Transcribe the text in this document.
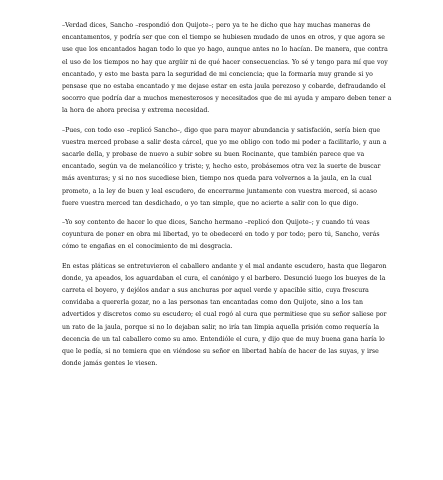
–Verdad dices, Sancho –respondió don Quijote–; pero ya te he dicho que hay muchas maneras de encantamentos, y podría ser que con el tiempo se hubiesen mudado de unos en otros, y que agora se use que los encantados hagan todo lo que yo hago, aunque antes no lo hacían. De manera, que contra el uso de los tiempos no hay que argüir ni de qué hacer consecuencias. Yo sé y tengo para mí que voy encantado, y esto me basta para la seguridad de mi conciencia; que la formaría muy grande si yo pensase que no estaba encantado y me dejase estar en esta jaula perezoso y cobarde, defraudando el socorro que podría dar a muchos menesterosos y necesitados que de mi ayuda y amparo deben tener a la hora de ahora precisa y extrema necesidad.

–Pues, con todo eso –replicó Sancho–, digo que para mayor abundancia y satisfación, sería bien que vuestra merced probase a salir desta cárcel, que yo me obligo con todo mi poder a facilitarlo, y aun a sacarle della, y probase de nuevo a subir sobre su buen Rocinante, que también parece que va encantado, según va de melancólico y triste; y, hecho esto, probásemos otra vez la suerte de buscar más aventuras; y si no nos sucediese bien, tiempo nos queda para volvernos a la jaula, en la cual prometo, a la ley de buen y leal escudero, de encerrarme juntamente con vuestra merced, si acaso fuere vuestra merced tan desdichado, o yo tan simple, que no acierte a salir con lo que digo.

–Yo soy contento de hacer lo que dices, Sancho hermano –replicó don Quijote–; y cuando tú veas coyuntura de poner en obra mi libertad, yo te obedeceré en todo y por todo; pero tú, Sancho, verás cómo te engañas en el conocimiento de mi desgracia.

En estas pláticas se entretuvieron el caballero andante y el mal andante escudero, hasta que llegaron donde, ya apeados, los aguardaban el cura, el canónigo y el barbero. Desunció luego los bueyes de la carreta el boyero, y dejólos andar a sus anchuras por aquel verde y apacible sitio, cuya frescura convidaba a quererla gozar, no a las personas tan encantadas como don Quijote, sino a los tan advertidos y discretos como su escudero; el cual rogó al cura que permitiese que su señor saliese por un rato de la jaula, porque si no lo dejaban salir, no iría tan limpia aquella prisión como requería la decencia de un tal caballero como su amo. Entendióle el cura, y dijo que de muy buena gana haría lo que le pedía, si no temiera que en viéndose su señor en libertad había de hacer de las suyas, y irse donde jamás gentes le viesen.
